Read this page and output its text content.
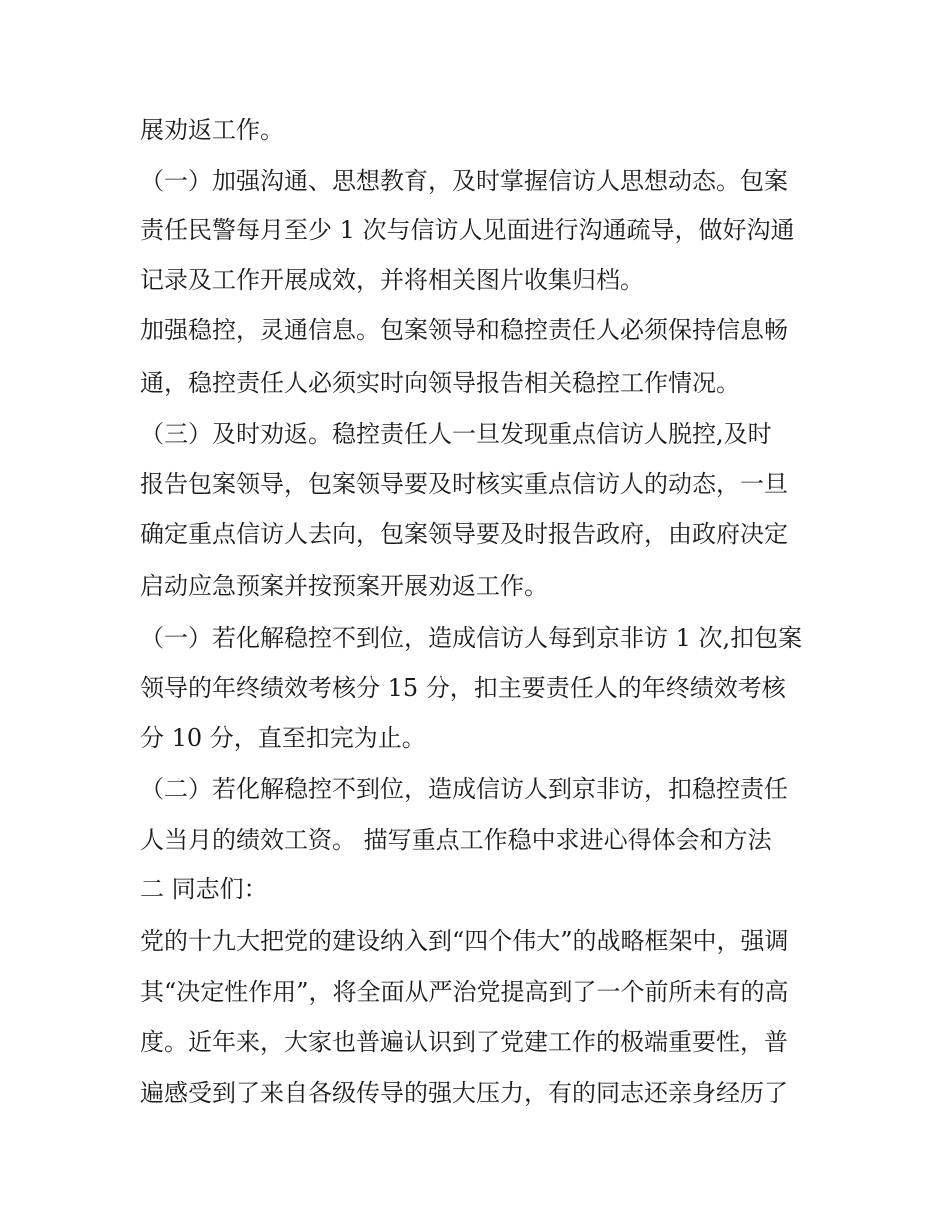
展劝返工作。
（一）加强沟通、思想教育，及时掌握信访人思想动态。包案
责任民警每月至少 1 次与信访人见面进行沟通疏导，做好沟通
记录及工作开展成效，并将相关图片收集归档。
加强稳控，灵通信息。包案领导和稳控责任人必须保持信息畅
通，稳控责任人必须实时向领导报告相关稳控工作情况。
（三）及时劝返。稳控责任人一旦发现重点信访人脱控,及时
报告包案领导，包案领导要及时核实重点信访人的动态，一旦
确定重点信访人去向，包案领导要及时报告政府，由政府决定
启动应急预案并按预案开展劝返工作。
（一）若化解稳控不到位，造成信访人每到京非访 1 次,扣包案
领导的年终绩效考核分 15 分，扣主要责任人的年终绩效考核
分 10 分，直至扣完为止。
（二）若化解稳控不到位，造成信访人到京非访，扣稳控责任
人当月的绩效工资。 描写重点工作稳中求进心得体会和方法
二 同志们：
党的十九大把党的建设纳入到“四个伟大”的战略框架中，强调
其“决定性作用”，将全面从严治党提高到了一个前所未有的高
度。近年来，大家也普遍认识到了党建工作的极端重要性，普
遍感受到了来自各级传导的强大压力，有的同志还亲身经历了
